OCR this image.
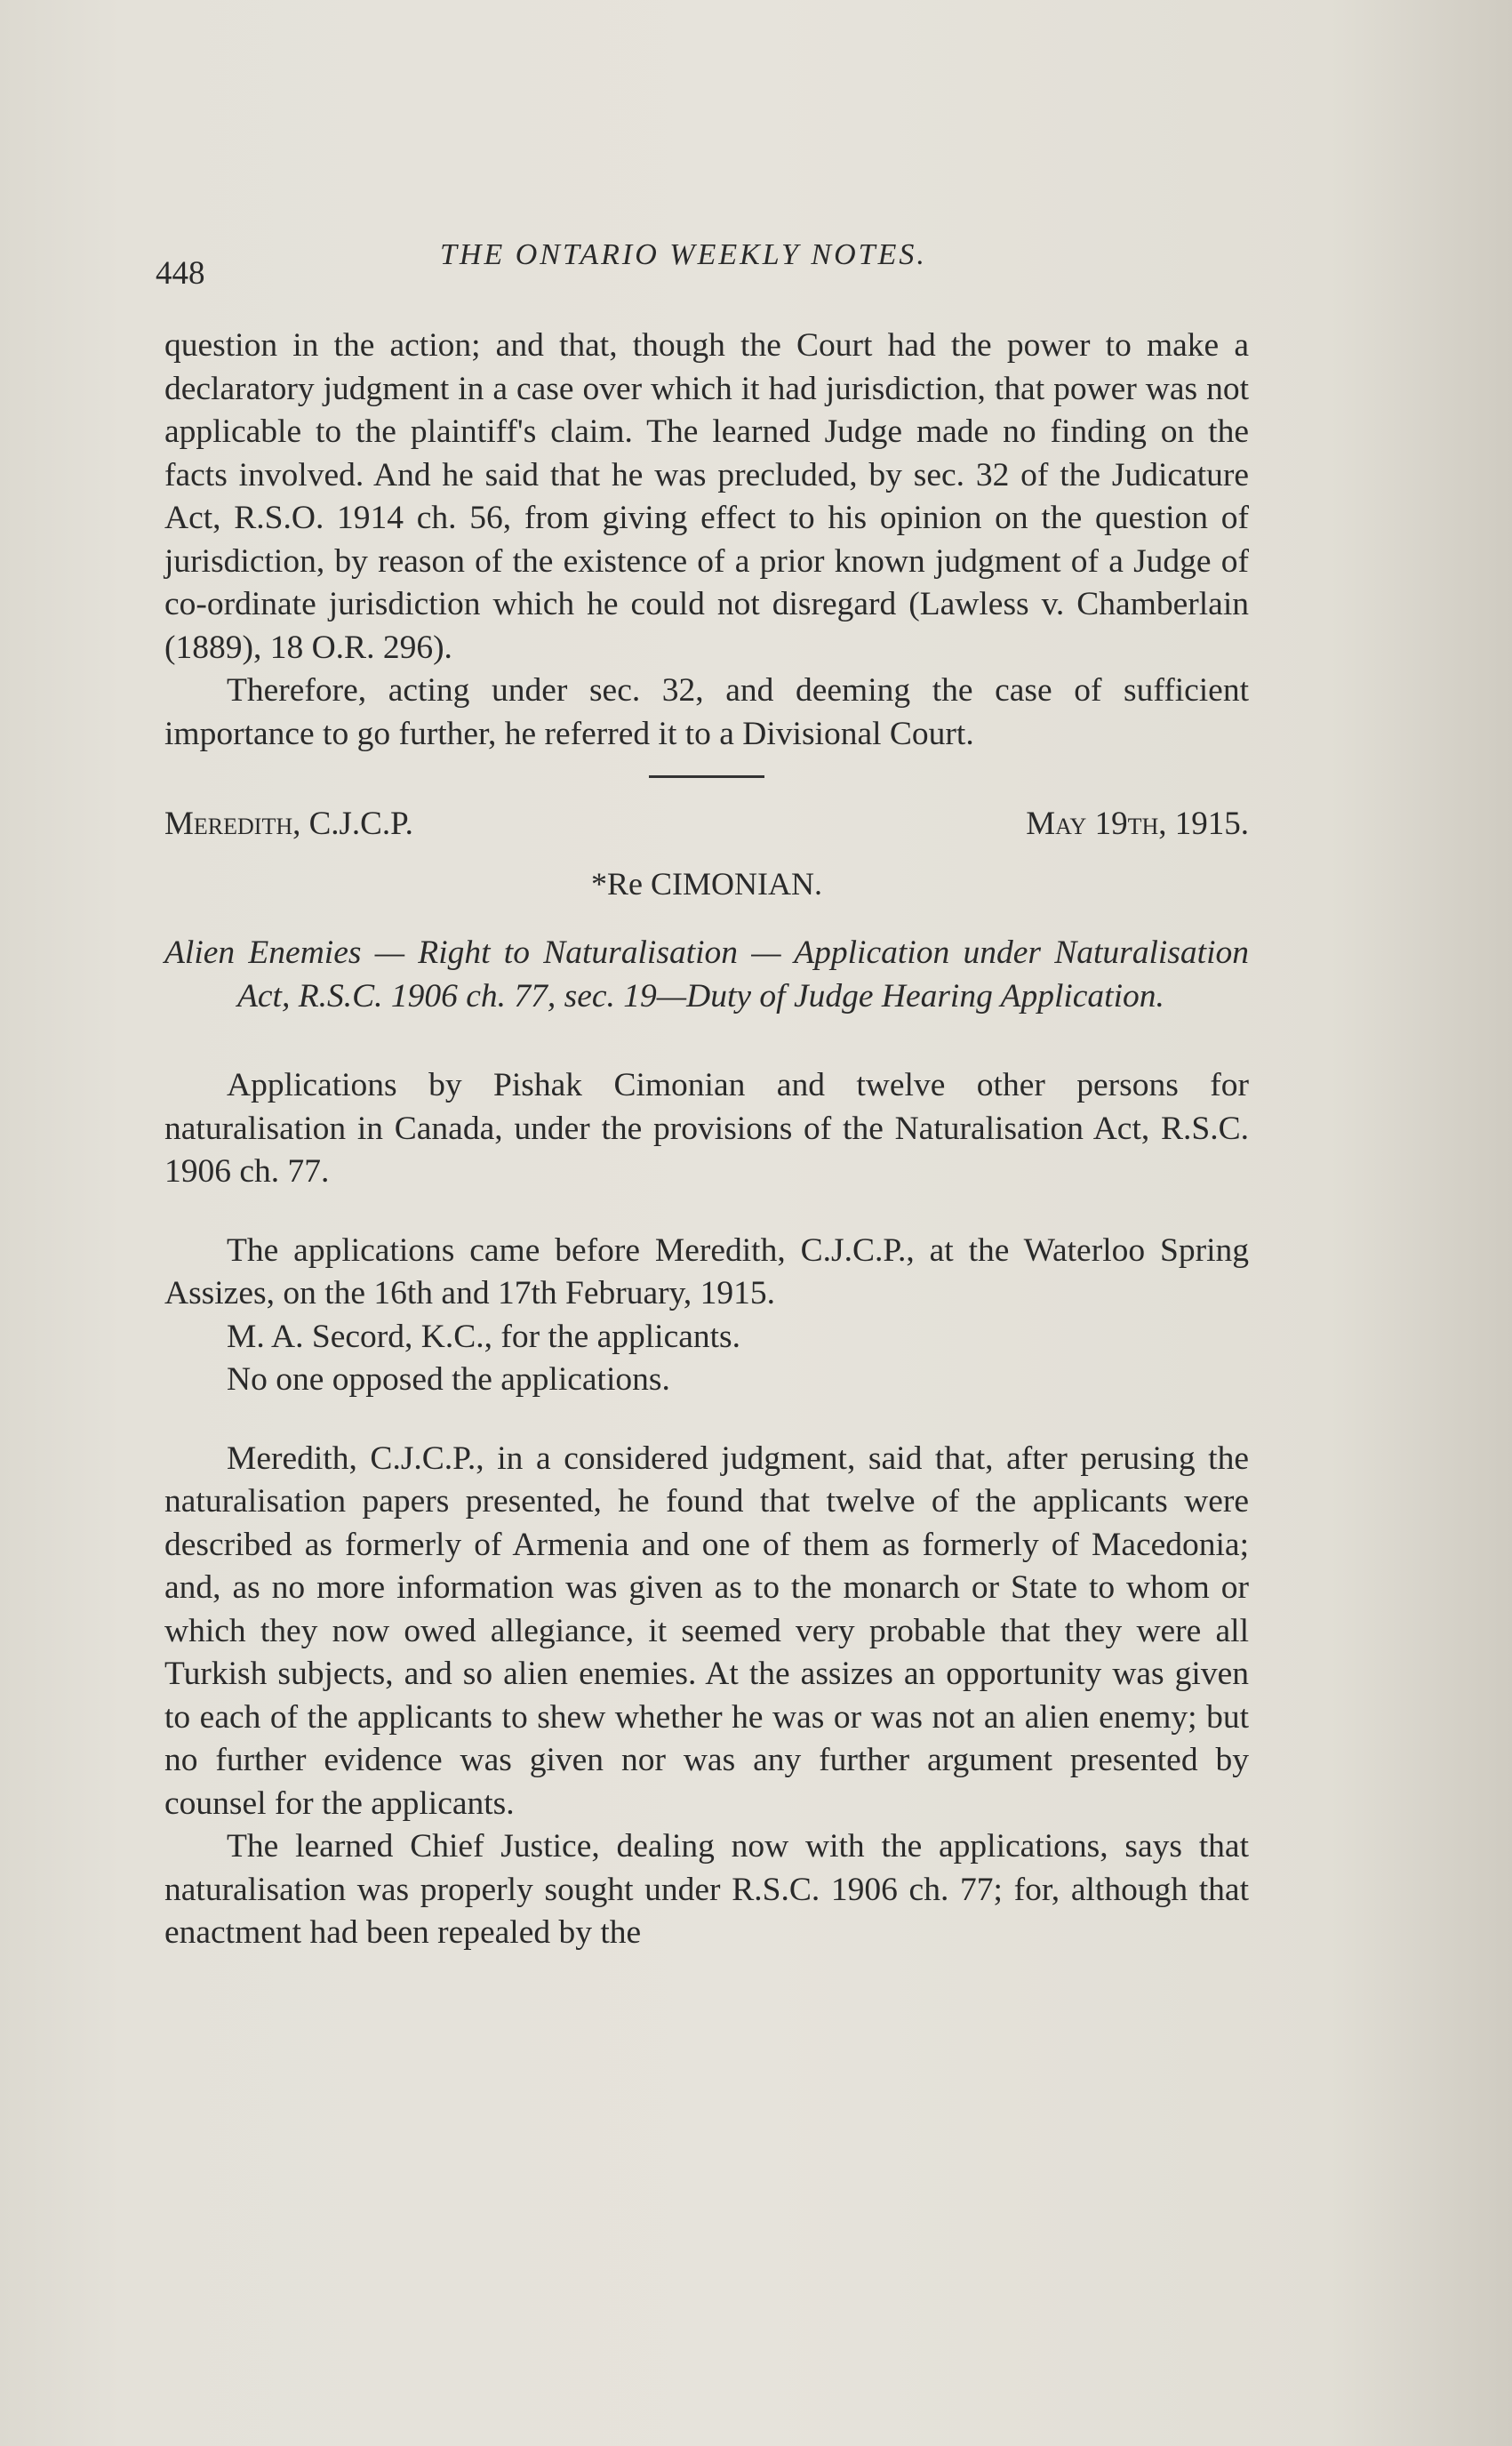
448
THE ONTARIO WEEKLY NOTES.

question in the action; and that, though the Court had the power to make a declaratory judgment in a case over which it had jurisdiction, that power was not applicable to the plaintiff's claim. The learned Judge made no finding on the facts involved. And he said that he was precluded, by sec. 32 of the Judicature Act, R.S.O. 1914 ch. 56, from giving effect to his opinion on the question of jurisdiction, by reason of the existence of a prior known judgment of a Judge of co-ordinate jurisdiction which he could not disregard (Lawless v. Chamberlain (1889), 18 O.R. 296).

Therefore, acting under sec. 32, and deeming the case of sufficient importance to go further, he referred it to a Divisional Court.

Meredith, C.J.C.P.	May 19th, 1915.
*Re CIMONIAN.

Alien Enemies — Right to Naturalisation — Application under Naturalisation Act, R.S.C. 1906 ch. 77, sec. 19—Duty of Judge Hearing Application.

Applications by Pishak Cimonian and twelve other persons for naturalisation in Canada, under the provisions of the Naturalisation Act, R.S.C. 1906 ch. 77.

The applications came before Meredith, C.J.C.P., at the Waterloo Spring Assizes, on the 16th and 17th February, 1915.

M. A. Secord, K.C., for the applicants.

No one opposed the applications.

Meredith, C.J.C.P., in a considered judgment, said that, after perusing the naturalisation papers presented, he found that twelve of the applicants were described as formerly of Armenia and one of them as formerly of Macedonia; and, as no more information was given as to the monarch or State to whom or which they now owed allegiance, it seemed very probable that they were all Turkish subjects, and so alien enemies. At the assizes an opportunity was given to each of the applicants to shew whether he was or was not an alien enemy; but no further evidence was given nor was any further argument presented by counsel for the applicants.

The learned Chief Justice, dealing now with the applications, says that naturalisation was properly sought under R.S.C. 1906 ch. 77; for, although that enactment had been repealed by the
